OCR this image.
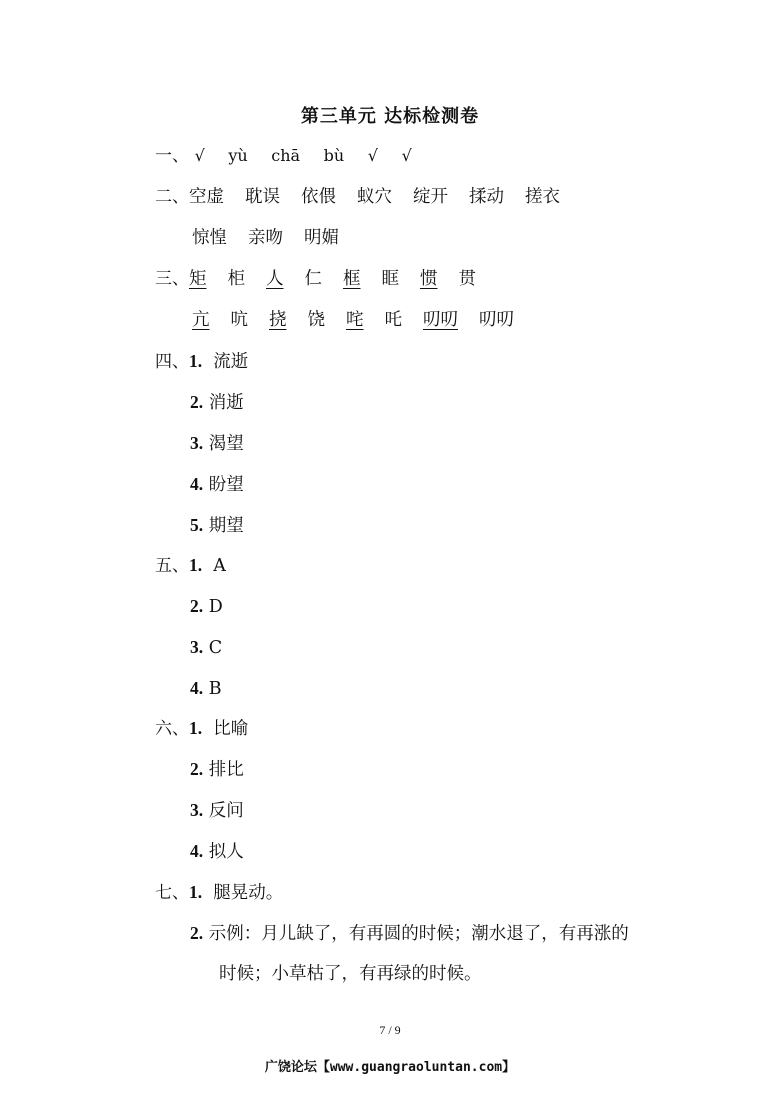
第三单元 达标检测卷
一、 √ yù chā bù √ √
二、空虚 耽误 依偎 蚁穴 绽开 揉动 搓衣
惊惶 亲吻 明媚
三、矩 柜 人 仁 框 眶 惯 贯
亢 吭 挠 饶 咤 吒 叨叨 叨叨
四、1. 流逝
2. 消逝
3. 渴望
4. 盼望
5. 期望
五、1. A
2. D
3. C
4. B
六、1. 比喻
2. 排比
3. 反问
4. 拟人
七、1. 腿晃动。
2. 示例：月儿缺了，有再圆的时候；潮水退了，有再涨的
时候；小草枯了，有再绿的时候。
7 / 9
广饶论坛【www.guangraoluntan.com】
